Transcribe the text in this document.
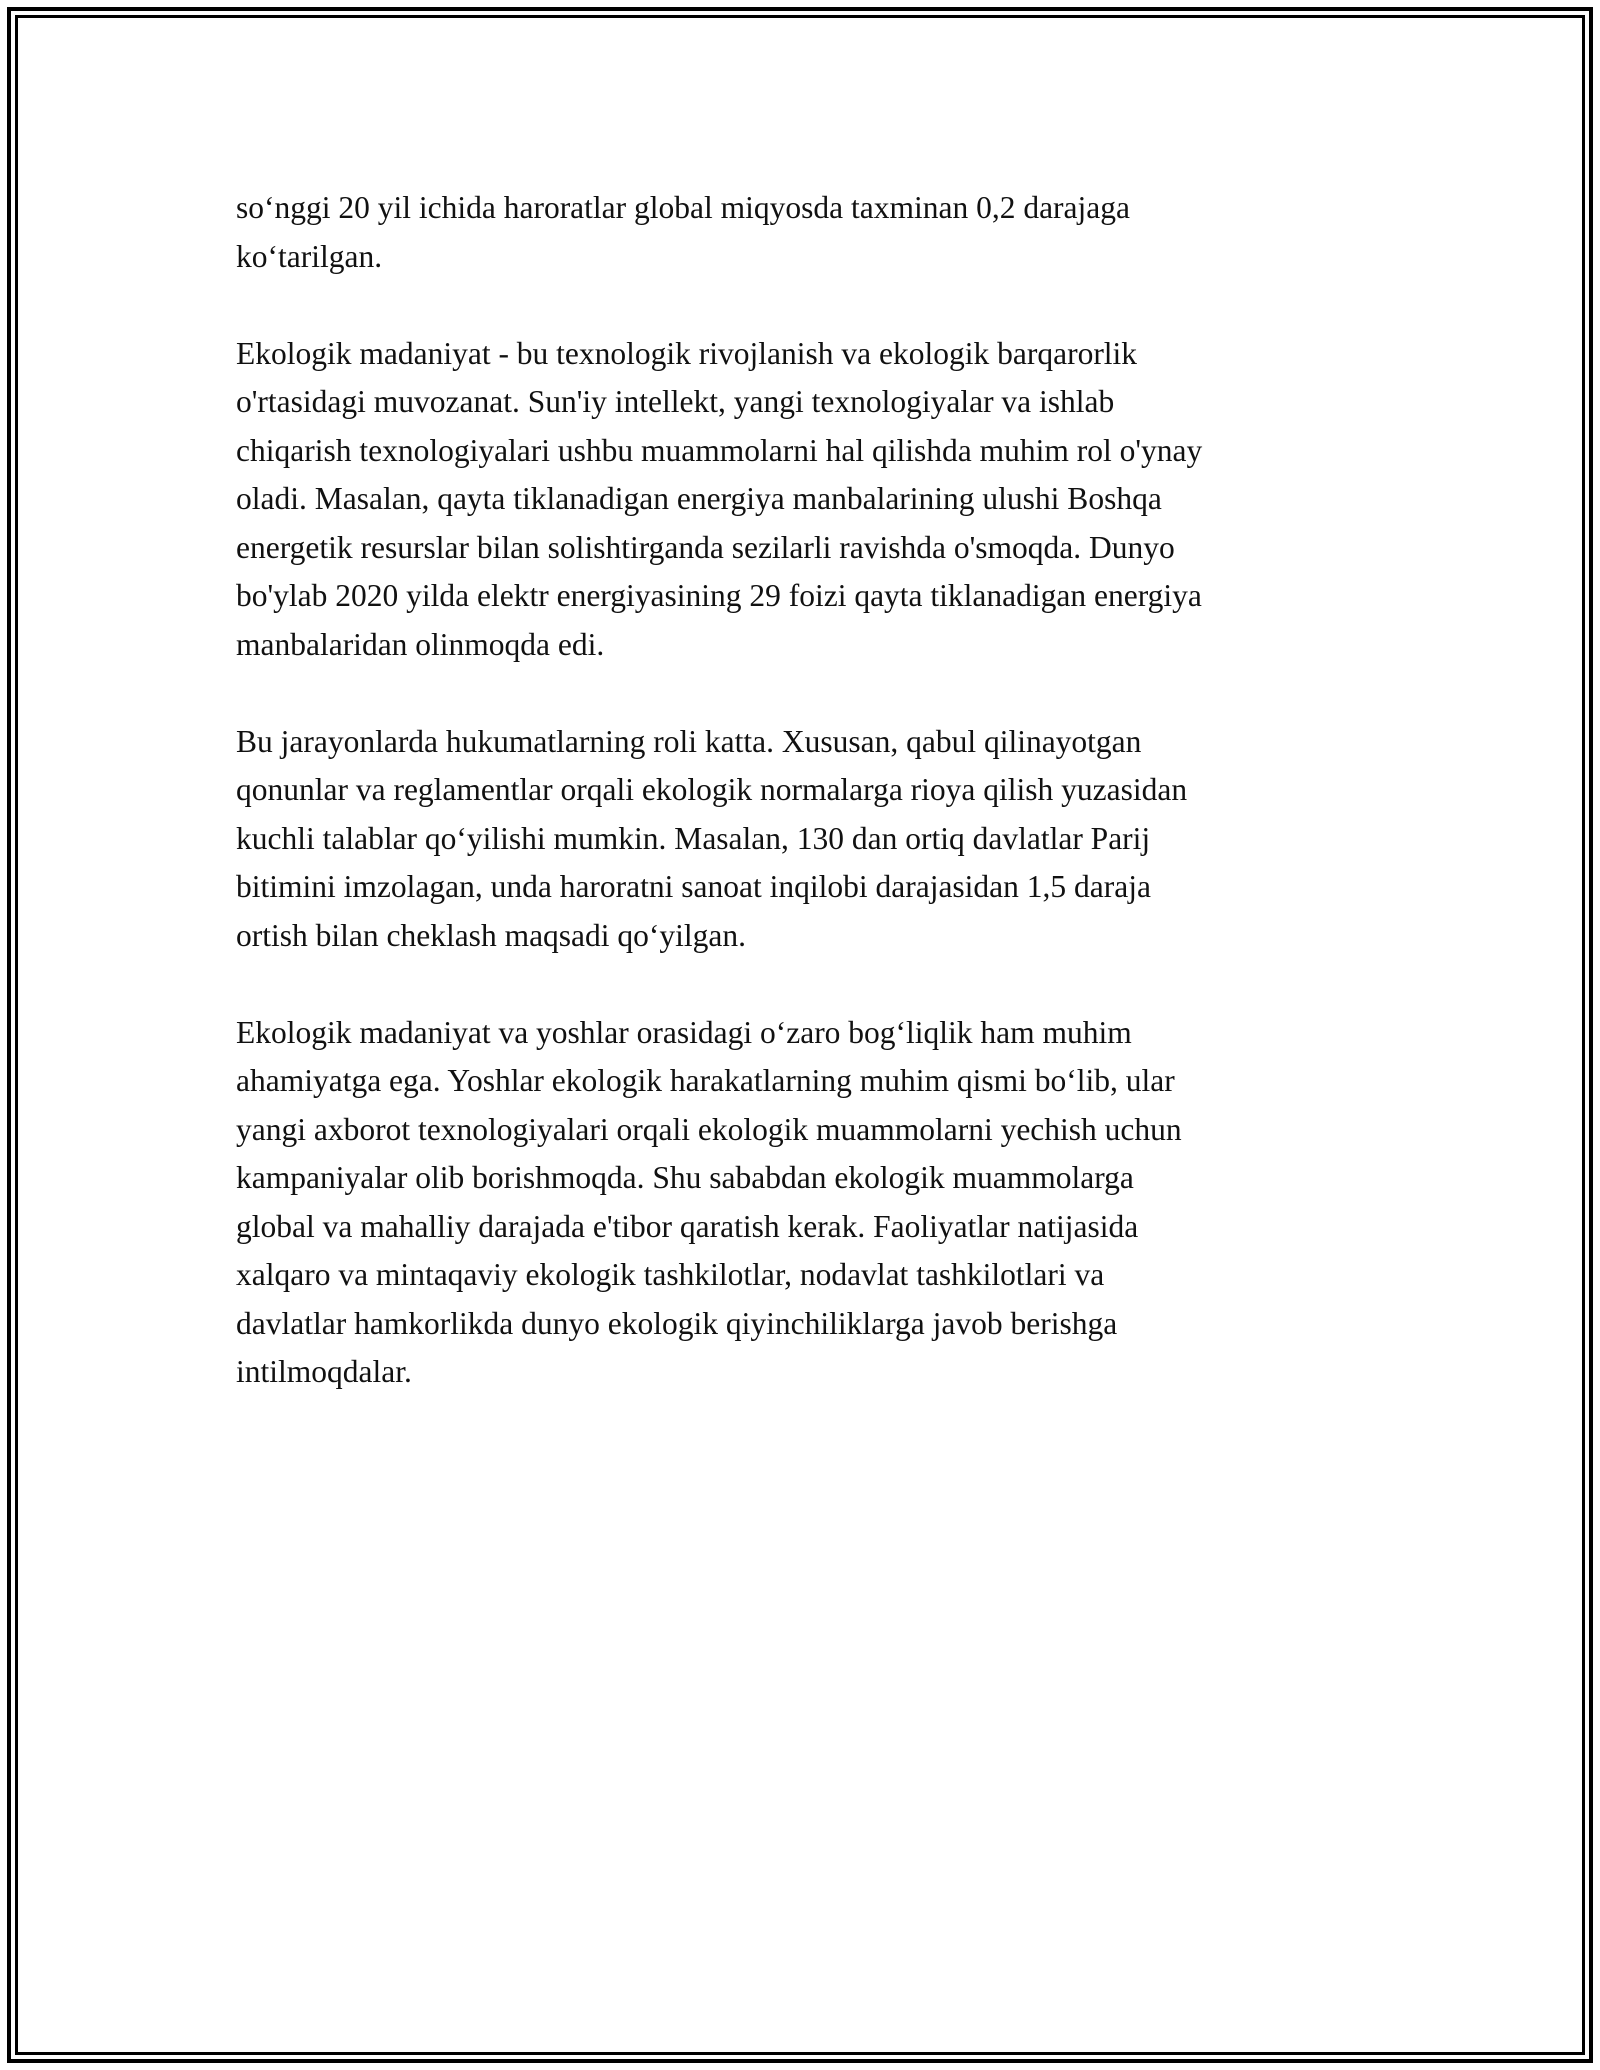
so‘nggi 20 yil ichida haroratlar global miqyosda taxminan 0,2 darajaga
ko‘tarilgan.

Ekologik madaniyat - bu texnologik rivojlanish va ekologik barqarorlik
o'rtasidagi muvozanat. Sun'iy intellekt, yangi texnologiyalar va ishlab
chiqarish texnologiyalari ushbu muammolarni hal qilishda muhim rol o'ynay
oladi. Masalan, qayta tiklanadigan energiya manbalarining ulushi Boshqa
energetik resurslar bilan solishtirganda sezilarli ravishda o'smoqda. Dunyo
bo'ylab 2020 yilda elektr energiyasining 29 foizi qayta tiklanadigan energiya
manbalaridan olinmoqda edi.

Bu jarayonlarda hukumatlarning roli katta. Xususan, qabul qilinayotgan
qonunlar va reglamentlar orqali ekologik normalarga rioya qilish yuzasidan
kuchli talablar qo‘yilishi mumkin. Masalan, 130 dan ortiq davlatlar Parij
bitimini imzolagan, unda haroratni sanoat inqilobi darajasidan 1,5 daraja
ortish bilan cheklash maqsadi qo‘yilgan.

Ekologik madaniyat va yoshlar orasidagi o‘zaro bog‘liqlik ham muhim
ahamiyatga ega. Yoshlar ekologik harakatlarning muhim qismi bo‘lib, ular
yangi axborot texnologiyalari orqali ekologik muammolarni yechish uchun
kampaniyalar olib borishmoqda. Shu sababdan ekologik muammolarga
global va mahalliy darajada e'tibor qaratish kerak. Faoliyatlar natijasida
xalqaro va mintaqaviy ekologik tashkilotlar, nodavlat tashkilotlari va
davlatlar hamkorlikda dunyo ekologik qiyinchiliklarga javob berishga
intilmoqdalar.
